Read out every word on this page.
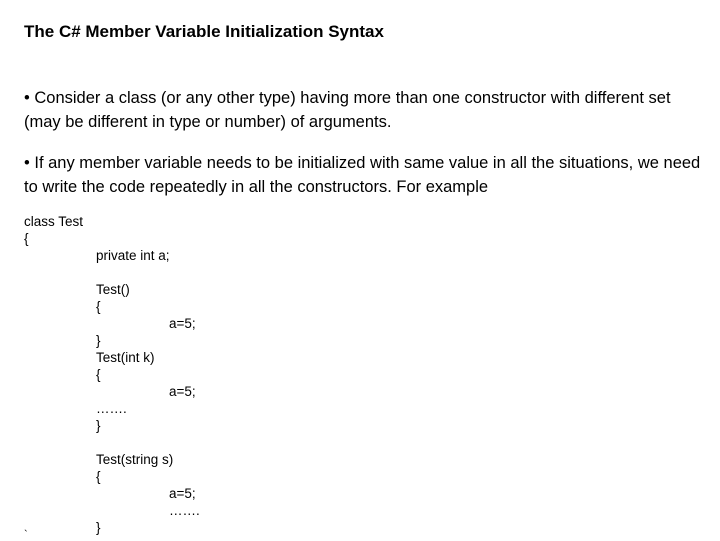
The C# Member Variable Initialization Syntax
• Consider a class (or any other type) having more than one constructor with different set (may be different in type or number) of arguments.
• If any member variable needs to be initialized with same value in all the situations, we need to write the code repeatedly in all the constructors. For example
class Test
{
private int a;
Test()
{
a=5;
}
Test(int k)
{
a=5;
…….
}
Test(string s)
{
a=5;
…….
}
`
